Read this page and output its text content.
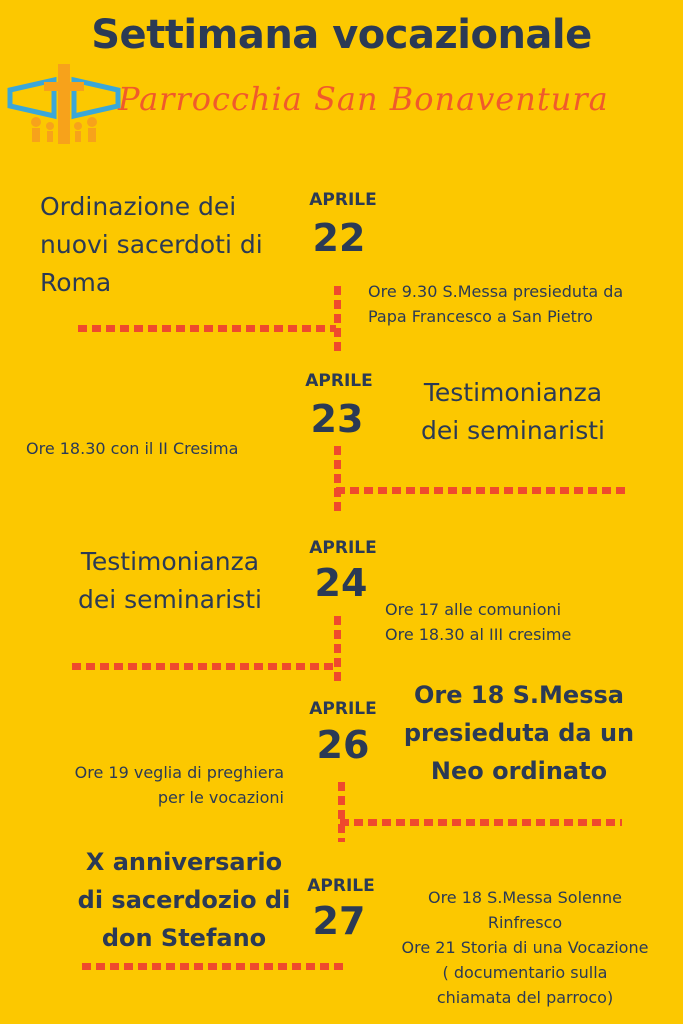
Settimana vocazionale
Parrocchia San Bonaventura
APRILE
22
Ordinazione dei
nuovi sacerdoti di
Roma	Ore 9.30 S.Messa presieduta da
Papa Francesco a San Pietro
APRILE
23
Testimonianza
dei seminaristi
Ore 18.30 con il II Cresima
APRILE
24
Testimonianza
dei seminaristi	Ore 17 alle comunioni
Ore 18.30 al III cresime
APRILE
26
Ore 18 S.Messa
presieduta da un
Neo ordinato
Ore 19 veglia di preghiera
per le vocazioni
APRILE
27
X anniversario
di sacerdozio di
don Stefano
Ore 18 S.Messa Solenne
Rinfresco
Ore 21 Storia di una Vocazione
( documentario sulla
chiamata del parroco)
